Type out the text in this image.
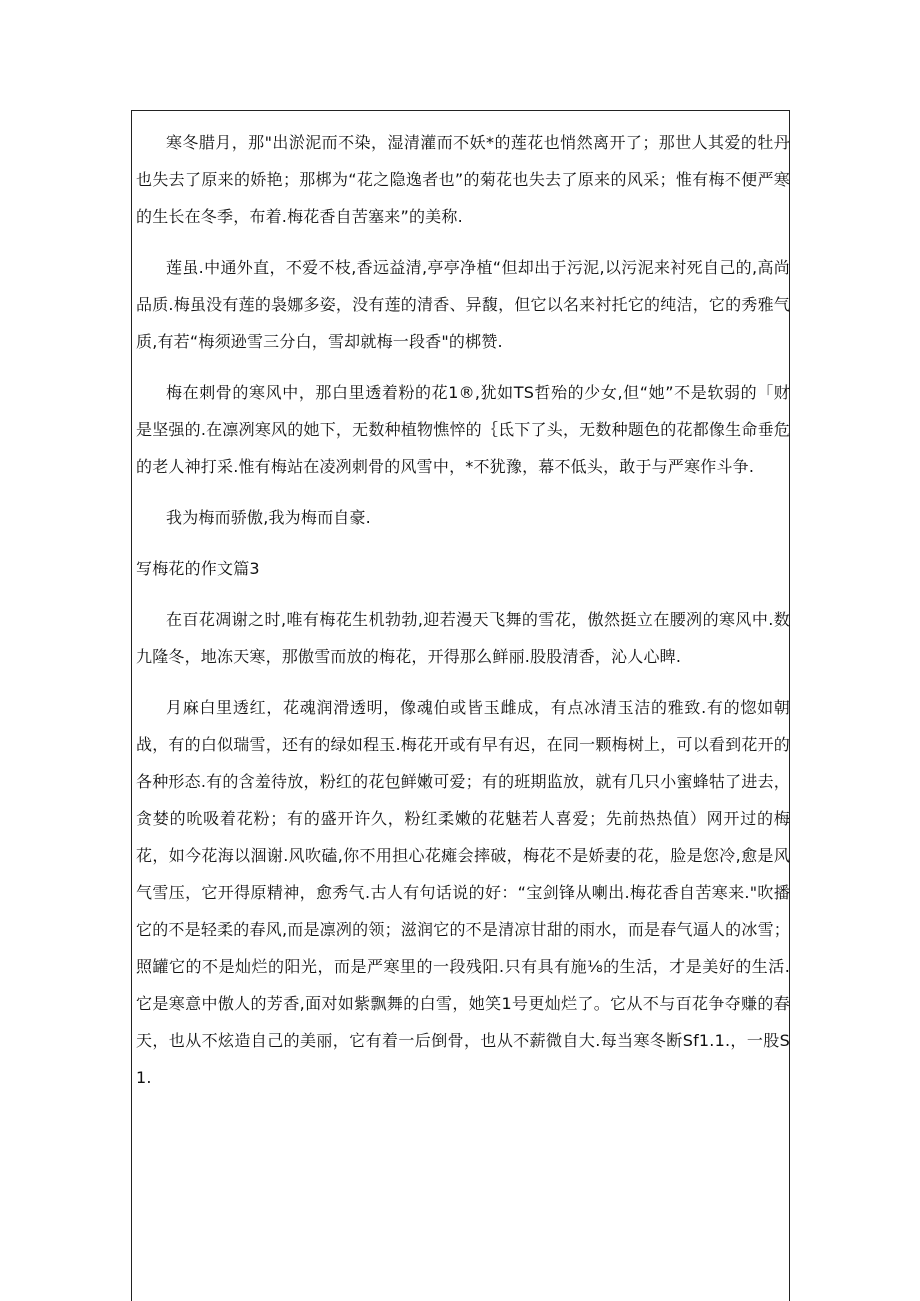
寒冬腊月，那"出淤泥而不染，湿清灌而不妖*的莲花也悄然离开了；那世人其爱的牡丹也失去了原来的娇艳；那梆为“花之隐逸者也”的菊花也失去了原来的风采；惟有梅不便严寒的生长在冬季，布着.梅花香自苦塞来”的美称.

莲虽.中通外直，不爱不枝,香远益清,亭亭净植“但却出于污泥,以污泥来衬死自己的,高尚品质.梅虽没有莲的袅娜多姿，没有莲的清香、异馥，但它以名来衬托它的纯洁，它的秀雅气质,有若“梅须逊雪三分白，雪却就梅一段香"的梆赞.

梅在刺骨的寒风中，那白里透着粉的花1®,犹如TS哲殆的少女,但“她”不是软弱的「财是坚强的.在凛冽寒风的她下，无数种植物憔悴的｛氐下了头，无数种题色的花都像生命垂危的老人神打采.惟有梅站在凌冽刺骨的风雪中，*不犹豫，幕不低头，敢于与严寒作斗争.

我为梅而骄傲,我为梅而自豪.

写梅花的作文篇3

在百花凋谢之时,唯有梅花生机勃勃,迎若漫天飞舞的雪花，傲然挺立在腰冽的寒风中.数九隆冬，地冻天寒，那傲雪而放的梅花，开得那么鲜丽.股股清香，沁人心睥.

月麻白里透红，花魂润滑透明，像魂伯或皆玉雌成，有点冰清玉洁的雅致.有的惚如朝战，有的白似瑞雪，还有的绿如程玉.梅花开或有早有迟，在同一颗梅树上，可以看到花开的各种形态.有的含羞待放，粉红的花包鲜嫩可爱；有的班期监放，就有几只小蜜蜂牯了进去，贪婪的吮吸着花粉；有的盛开许久，粉红柔嫩的花魅若人喜爱；先前热热值）网开过的梅花，如今花海以涸谢.风吹磕,你不用担心花瘫会摔破，梅花不是娇妻的花，脸是您冷,愈是风气雪压，它开得原精神，愈秀气.古人有句话说的好：“宝剑锋从喇出.梅花香自苦寒来."吹播它的不是轻柔的春风,而是凛冽的领；滋润它的不是清凉甘甜的雨水，而是春气逼人的冰雪；照罐它的不是灿烂的阳光，而是严寒里的一段残阳.只有具有施⅛的生活，才是美好的生活.它是寒意中傲人的芳香,面对如紫飘舞的白雪，她笑1号更灿烂了。它从不与百花争夺赚的春天，也从不炫造自己的美丽，它有着一后倒骨，也从不薪微自大.每当寒冬断Sf1.1.，一股S1.
